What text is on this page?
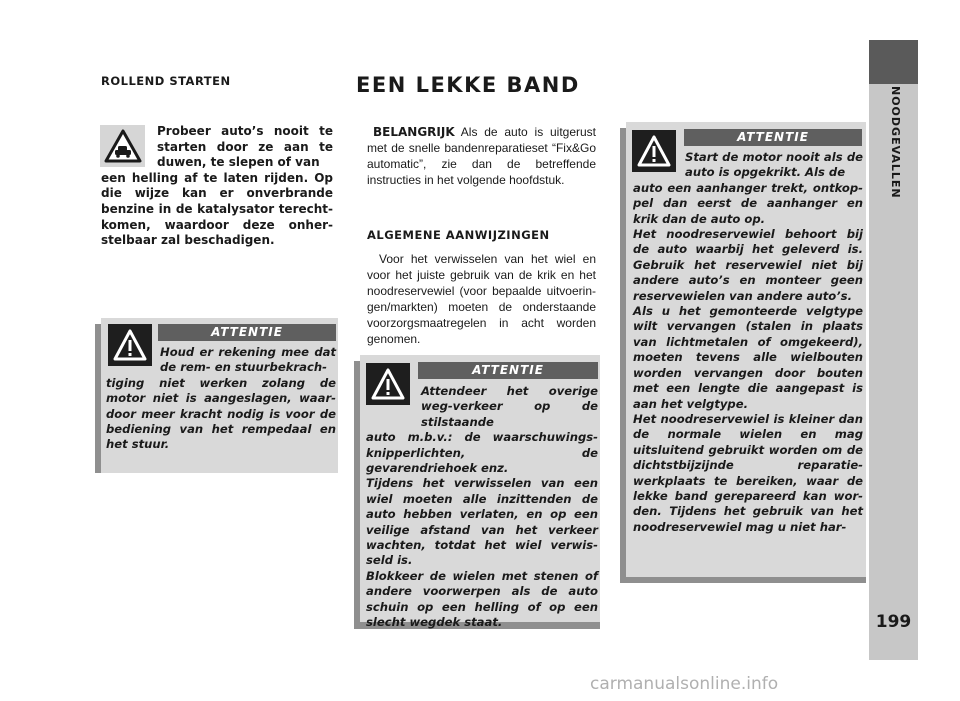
NOODGEVALLEN
199
ROLLEND STARTEN
Probeer auto’s nooit te starten door ze aan te duwen, te slepen of van
een helling af te laten rijden. Op die wijze kan er onverbrande benzine in de katalysator terecht-komen, waardoor deze onher-stelbaar zal beschadigen.
ATTENTIE
Houd er rekening mee dat de rem- en stuurbekrach-
tiging niet werken zolang de motor niet is aangeslagen, waar-door meer kracht nodig is voor de bediening van het rempedaal en het stuur.
EEN LEKKE BAND
BELANGRIJK Als de auto is uitgerust met de snelle bandenreparatieset “Fix&Go automatic”, zie dan de betreffende instructies in het volgende hoofdstuk.
ALGEMENE AANWIJZINGEN
Voor het verwisselen van het wiel en voor het juiste gebruik van de krik en het noodreservewiel (voor bepaalde uitvoerin-gen/markten) moeten de onderstaande voorzorgsmaatregelen in acht worden genomen.
ATTENTIE
Attendeer het overige weg-verkeer op de stilstaande
auto m.b.v.: de waarschuwings-knipperlichten, de gevarendriehoek enz.
Tijdens het verwisselen van een wiel moeten alle inzittenden de auto hebben verlaten, en op een veilige afstand van het verkeer wachten, totdat het wiel verwis-seld is.
Blokkeer de wielen met stenen of andere voorwerpen als de auto schuin op een helling of op een slecht wegdek staat.
ATTENTIE
Start de motor nooit als de auto is opgekrikt. Als de
auto een aanhanger trekt, ontkop-pel dan eerst de aanhanger en krik dan de auto op.
Het noodreservewiel behoort bij de auto waarbij het geleverd is. Gebruik het reservewiel niet bij andere auto’s en monteer geen reservewielen van andere auto’s.
Als u het gemonteerde velgtype wilt vervangen (stalen in plaats van lichtmetalen of omgekeerd), moeten tevens alle wielbouten worden vervangen door bouten met een lengte die aangepast is aan het velgtype.
Het noodreservewiel is kleiner dan de normale wielen en mag uitsluitend gebruikt worden om de dichtstbijzijnde reparatie-werkplaats te bereiken, waar de lekke band gerepareerd kan wor-den. Tijdens het gebruik van het noodreservewiel mag u niet har-
carmanualsonline.info
